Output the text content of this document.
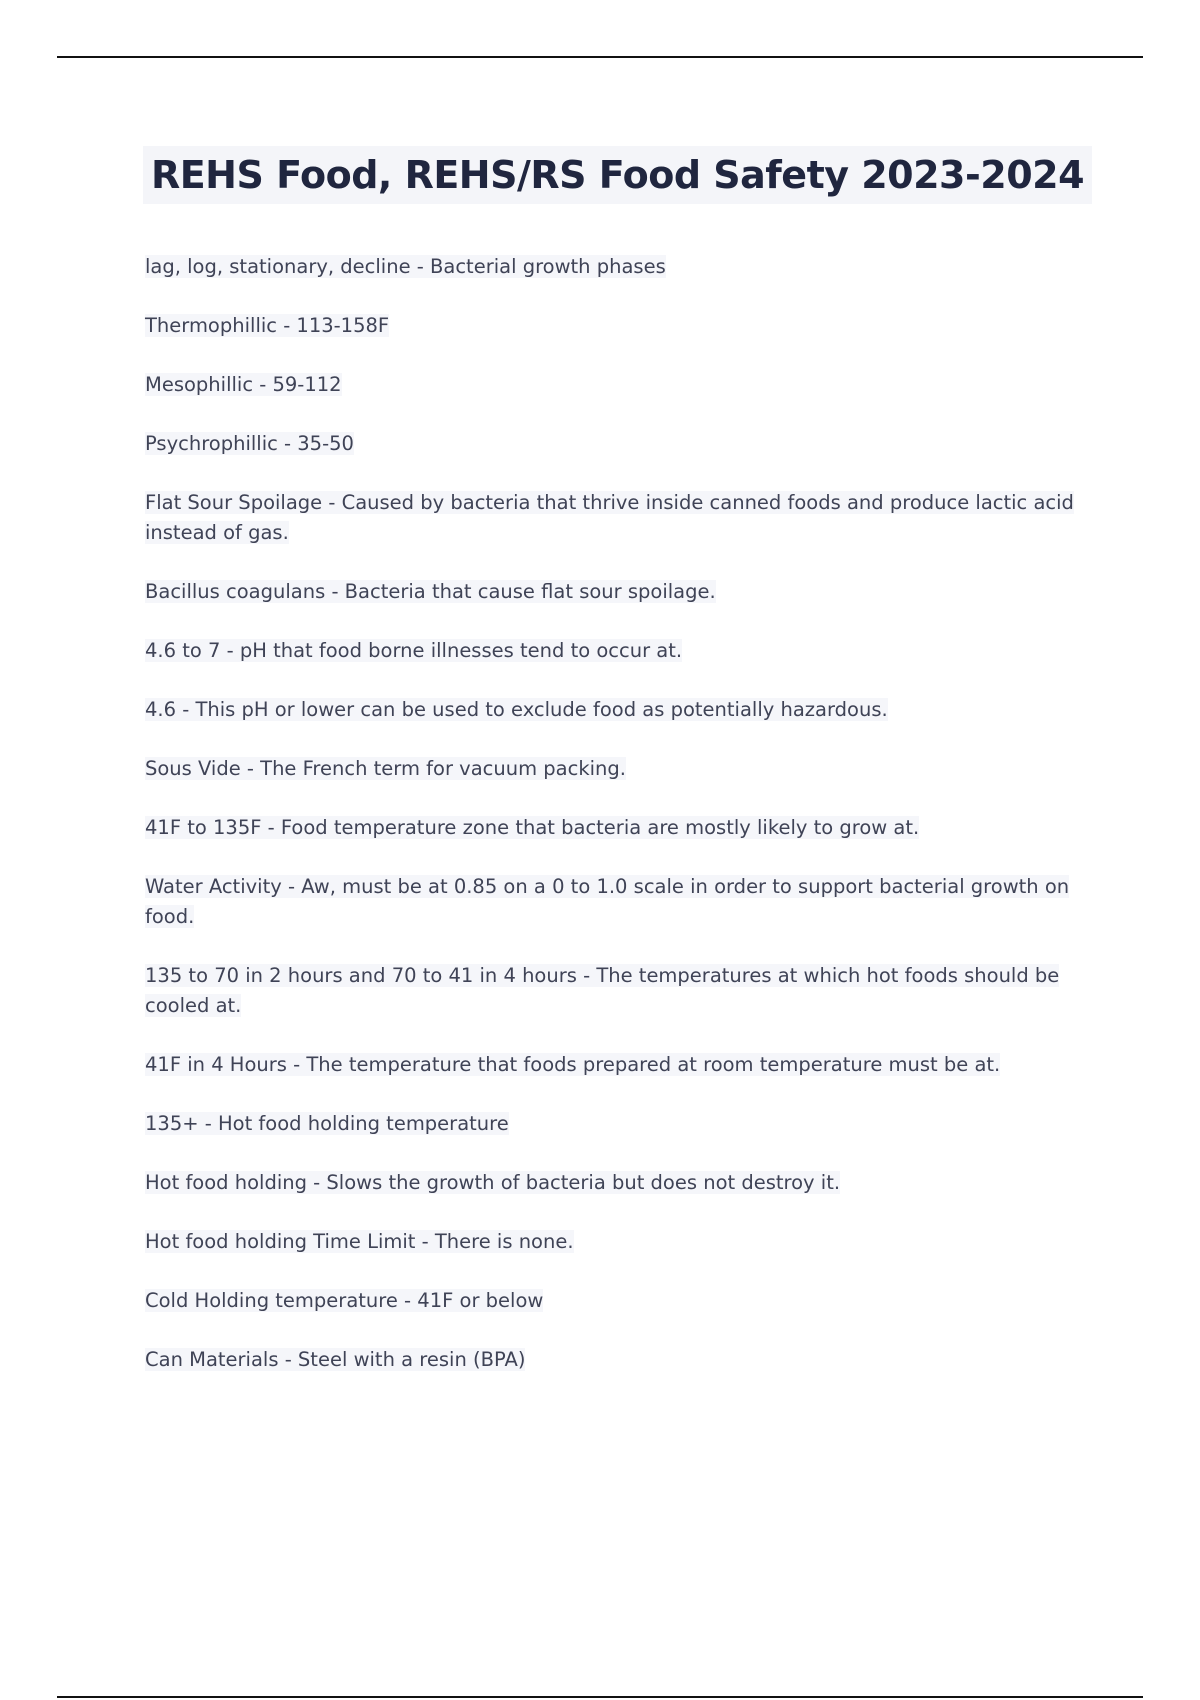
REHS Food, REHS/RS Food Safety 2023-2024
lag, log, stationary, decline - Bacterial growth phases
Thermophillic - 113-158F
Mesophillic - 59-112
Psychrophillic - 35-50
Flat Sour Spoilage - Caused by bacteria that thrive inside canned foods and produce lactic acid instead of gas.
Bacillus coagulans - Bacteria that cause flat sour spoilage.
4.6 to 7 - pH that food borne illnesses tend to occur at.
4.6 - This pH or lower can be used to exclude food as potentially hazardous.
Sous Vide - The French term for vacuum packing.
41F to 135F - Food temperature zone that bacteria are mostly likely to grow at.
Water Activity - Aw, must be at 0.85 on a 0 to 1.0 scale in order to support bacterial growth on food.
135 to 70 in 2 hours and 70 to 41 in 4 hours - The temperatures at which hot foods should be cooled at.
41F in 4 Hours - The temperature that foods prepared at room temperature must be at.
135+ - Hot food holding temperature
Hot food holding - Slows the growth of bacteria but does not destroy it.
Hot food holding Time Limit - There is none.
Cold Holding temperature - 41F or below
Can Materials - Steel with a resin (BPA)
